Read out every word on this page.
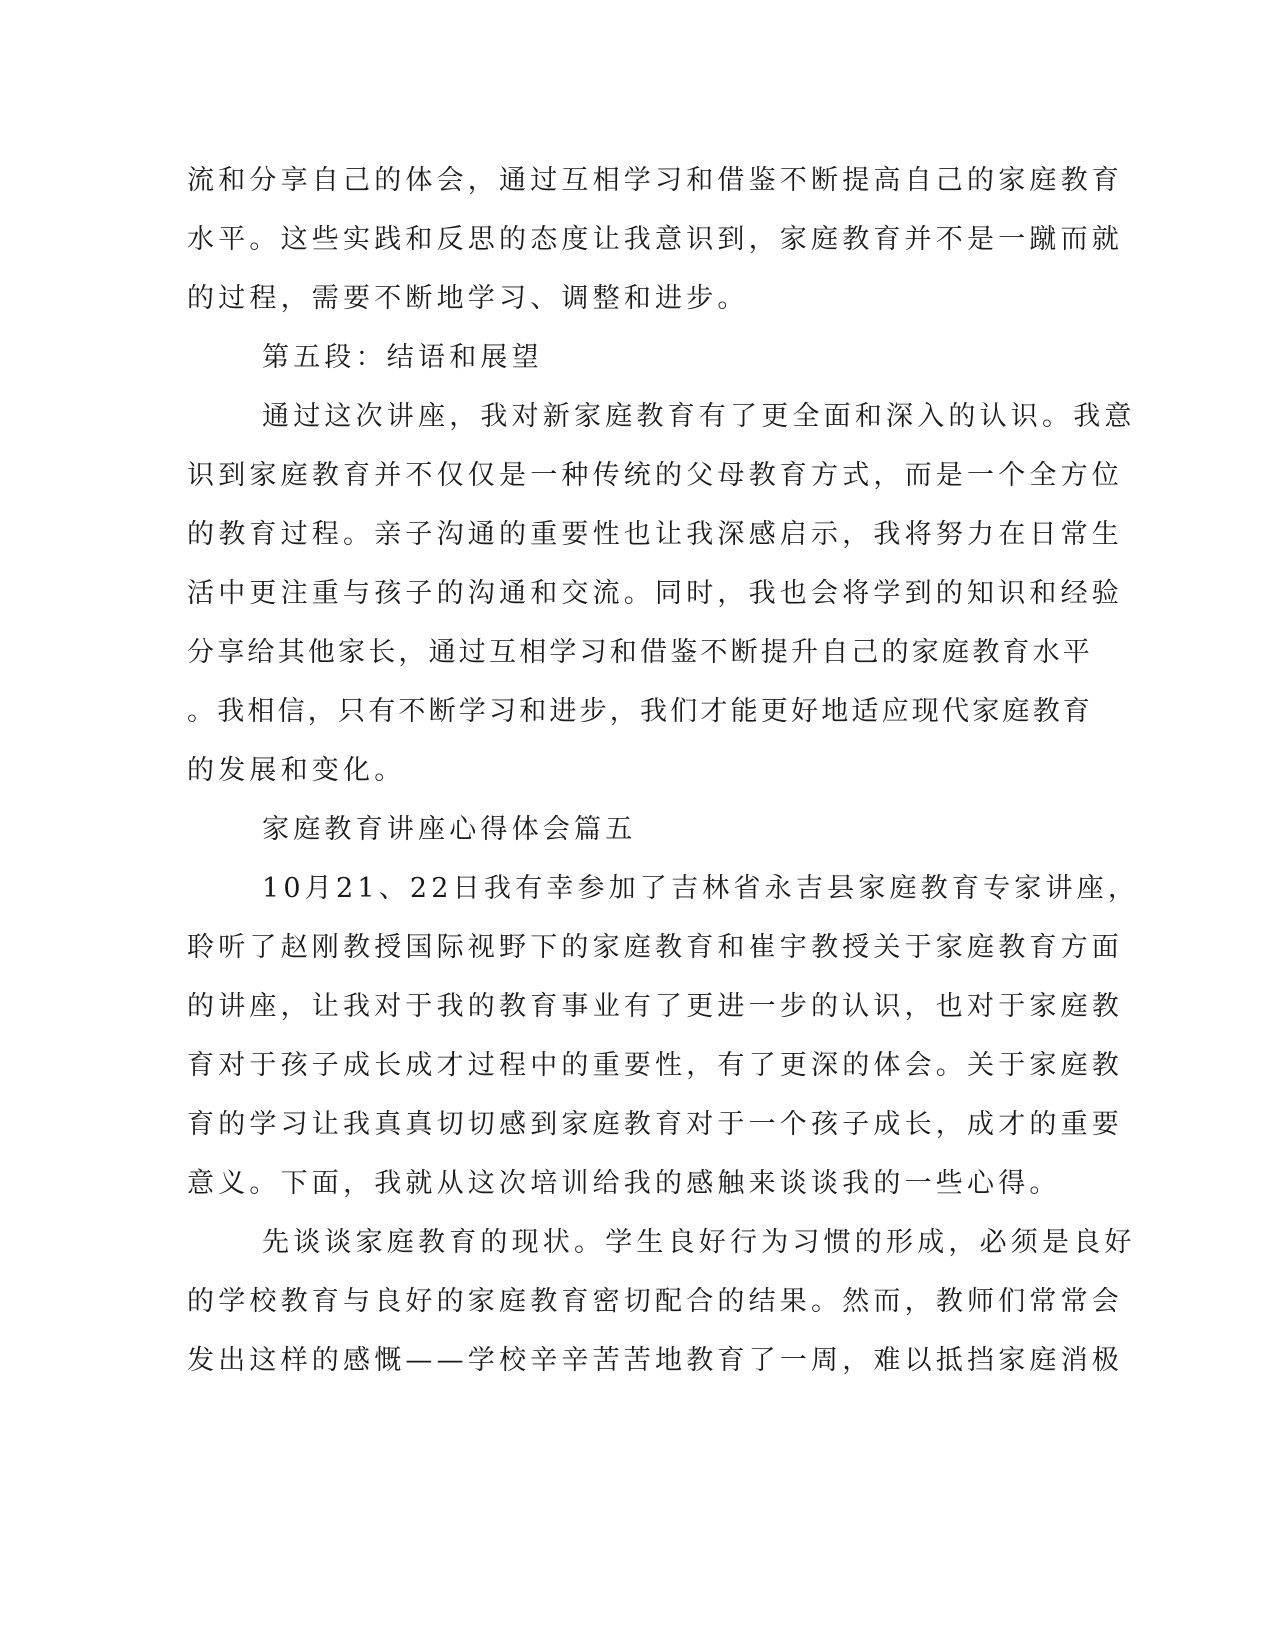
流和分享自己的体会，通过互相学习和借鉴不断提高自己的家庭教育
水平。这些实践和反思的态度让我意识到，家庭教育并不是一蹴而就
的过程，需要不断地学习、调整和进步。
第五段：结语和展望
通过这次讲座，我对新家庭教育有了更全面和深入的认识。我意
识到家庭教育并不仅仅是一种传统的父母教育方式，而是一个全方位
的教育过程。亲子沟通的重要性也让我深感启示，我将努力在日常生
活中更注重与孩子的沟通和交流。同时，我也会将学到的知识和经验
分享给其他家长，通过互相学习和借鉴不断提升自己的家庭教育水平
。我相信，只有不断学习和进步，我们才能更好地适应现代家庭教育
的发展和变化。
家庭教育讲座心得体会篇五
10月21、22日我有幸参加了吉林省永吉县家庭教育专家讲座，
聆听了赵刚教授国际视野下的家庭教育和崔宇教授关于家庭教育方面
的讲座，让我对于我的教育事业有了更进一步的认识，也对于家庭教
育对于孩子成长成才过程中的重要性，有了更深的体会。关于家庭教
育的学习让我真真切切感到家庭教育对于一个孩子成长，成才的重要
意义。下面，我就从这次培训给我的感触来谈谈我的一些心得。
先谈谈家庭教育的现状。学生良好行为习惯的形成，必须是良好
的学校教育与良好的家庭教育密切配合的结果。然而，教师们常常会
发出这样的感慨——学校辛辛苦苦地教育了一周，难以抵挡家庭消极
